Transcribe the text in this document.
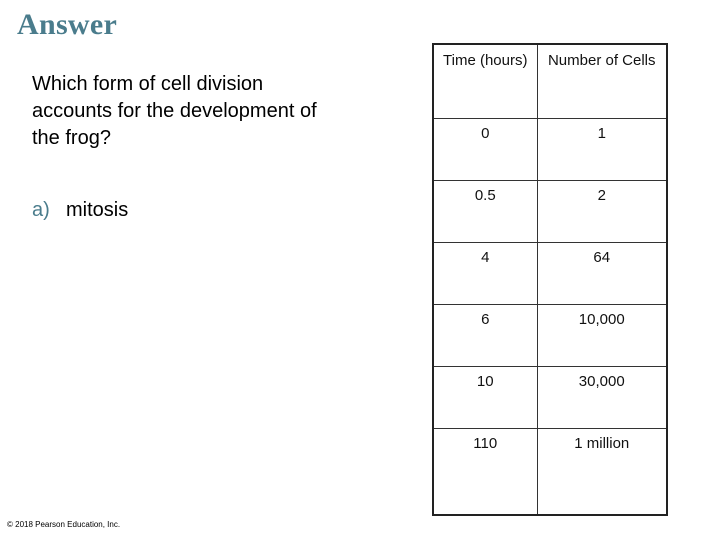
Answer
Which form of cell division accounts for the development of the frog?
a) mitosis
Time (hours)	Number of Cells
0	1
0.5	2
4	64
6	10,000
10	30,000
110	1 million
© 2018 Pearson Education, Inc.
